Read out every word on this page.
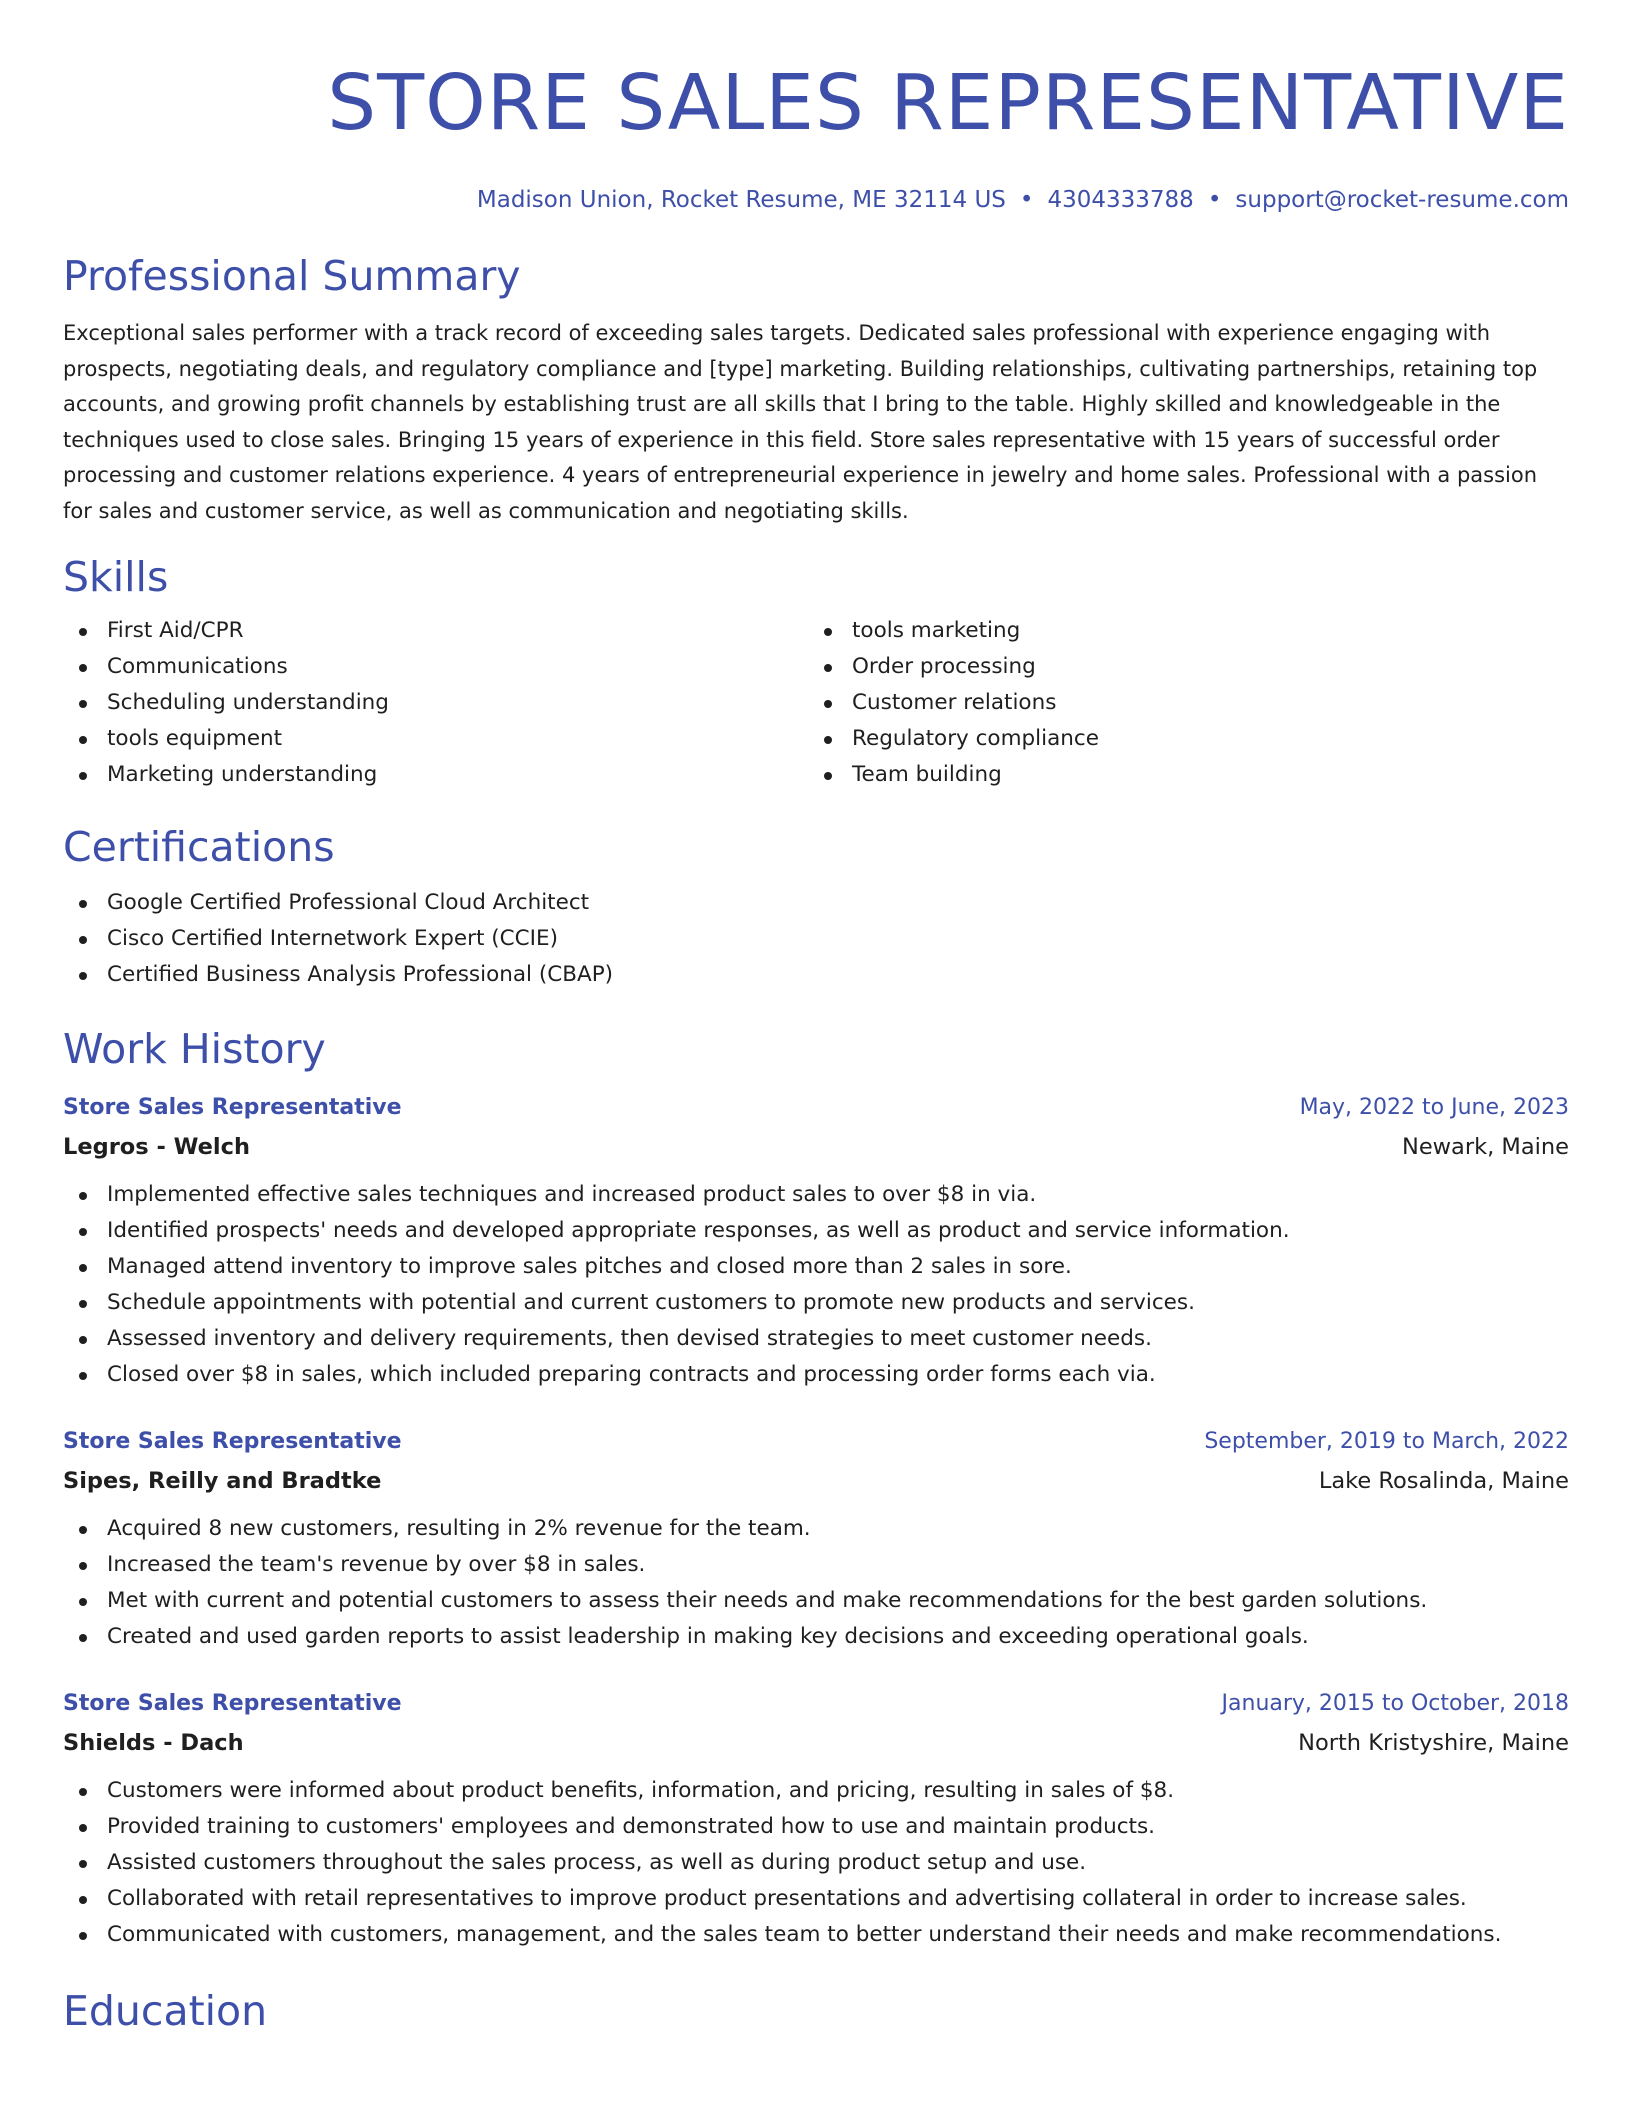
STORE SALES REPRESENTATIVE
Madison Union, Rocket Resume, ME 32114 US • 4304333788 • support@rocket-resume.com
Professional Summary

Exceptional sales performer with a track record of exceeding sales targets. Dedicated sales professional with experience engaging with prospects, negotiating deals, and regulatory compliance and [type] marketing. Building relationships, cultivating partnerships, retaining top accounts, and growing profit channels by establishing trust are all skills that I bring to the table. Highly skilled and knowledgeable in the techniques used to close sales. Bringing 15 years of experience in this field. Store sales representative with 15 years of successful order processing and customer relations experience. 4 years of entrepreneurial experience in jewelry and home sales. Professional with a passion for sales and customer service, as well as communication and negotiating skills.

Skills
First Aid/CPR
Communications
Scheduling understanding
tools equipment
Marketing understanding
tools marketing
Order processing
Customer relations
Regulatory compliance
Team building
Certifications
Google Certified Professional Cloud Architect
Cisco Certified Internetwork Expert (CCIE)
Certified Business Analysis Professional (CBAP)
Work History
Store Sales Representative	May, 2022 to June, 2023
Legros - Welch	Newark, Maine
Implemented effective sales techniques and increased product sales to over $8 in via.
Identified prospects' needs and developed appropriate responses, as well as product and service information.
Managed attend inventory to improve sales pitches and closed more than 2 sales in sore.
Schedule appointments with potential and current customers to promote new products and services.
Assessed inventory and delivery requirements, then devised strategies to meet customer needs.
Closed over $8 in sales, which included preparing contracts and processing order forms each via.
Store Sales Representative	September, 2019 to March, 2022
Sipes, Reilly and Bradtke	Lake Rosalinda, Maine
Acquired 8 new customers, resulting in 2% revenue for the team.
Increased the team's revenue by over $8 in sales.
Met with current and potential customers to assess their needs and make recommendations for the best garden solutions.
Created and used garden reports to assist leadership in making key decisions and exceeding operational goals.
Store Sales Representative	January, 2015 to October, 2018
Shields - Dach	North Kristyshire, Maine
Customers were informed about product benefits, information, and pricing, resulting in sales of $8.
Provided training to customers' employees and demonstrated how to use and maintain products.
Assisted customers throughout the sales process, as well as during product setup and use.
Collaborated with retail representatives to improve product presentations and advertising collateral in order to increase sales.
Communicated with customers, management, and the sales team to better understand their needs and make recommendations.
Education
